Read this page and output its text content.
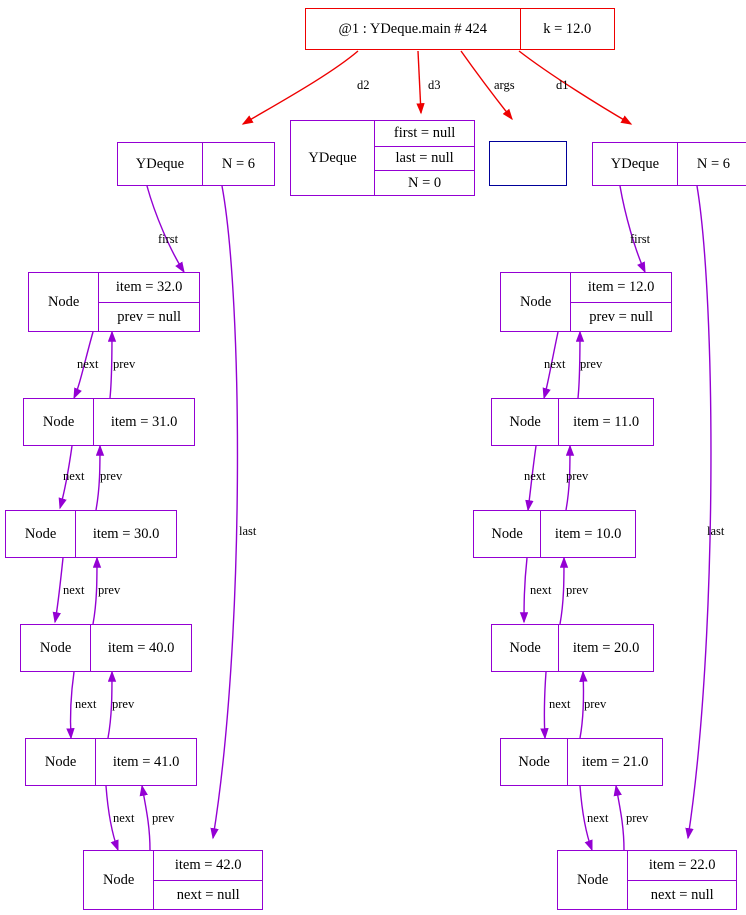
@1 : YDeque.main # 424	k = 12.0
YDeque	N = 6	YDeque
first = null
last = null
N = 0
YDeque	N = 6
Node
item = 32.0
prev = null
Node	item = 31.0
Node	item = 30.0
Node	item = 40.0
Node	item = 41.0
Node
item = 42.0
next = null
Node
item = 12.0
prev = null
Node	item = 11.0
Node	item = 10.0
Node	item = 20.0
Node	item = 21.0
Node
item = 22.0
next = null
d2	d3	args	d1
first	first
last	last
next prev
next prev
next prev
next prev
next prev
next prev
next prev
next prev
next prev
next prev
